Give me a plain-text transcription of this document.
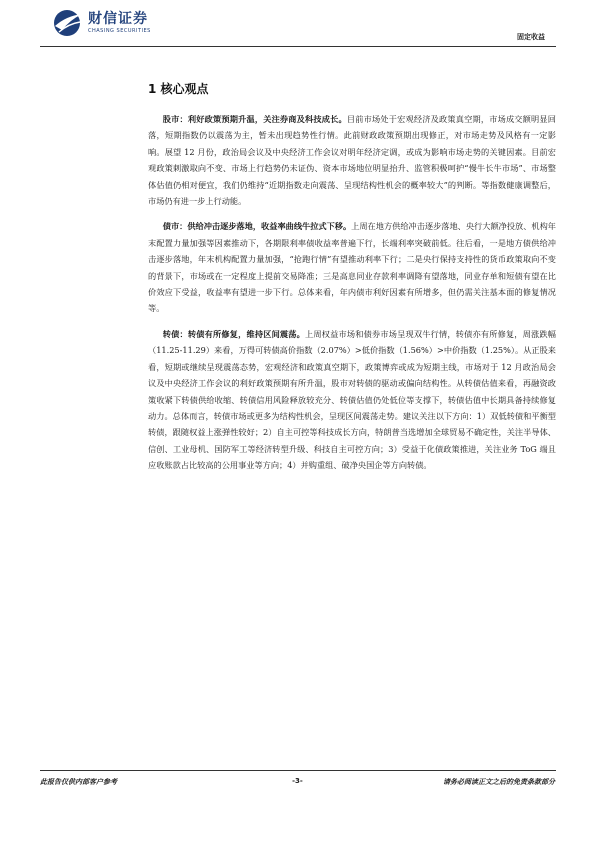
财信证券
CHASING SECURITIES
固定收益
1 核心观点

股市：利好政策预期升温，关注券商及科技成长。目前市场处于宏观经济及政策真空期，市场成交额明显回落，短期指数仍以震荡为主，暂未出现趋势性行情。此前财政政策预期出现修正，对市场走势及风格有一定影响。展望 12 月份，政治局会议及中央经济工作会议对明年经济定调，或成为影响市场走势的关键因素。目前宏观政策刺激取向不变、市场上行趋势仍未证伪、资本市场地位明显抬升、监管积极呵护“慢牛长牛市场”、市场整体估值仍相对便宜，我们仍维持“近期指数走向震荡、呈现结构性机会的概率较大”的判断。等指数健康调整后，市场仍有进一步上行动能。

债市：供给冲击逐步落地，收益率曲线牛拉式下移。上周在地方供给冲击逐步落地、央行大额净投放、机构年末配置力量加强等因素推动下，各期限利率债收益率普遍下行，长端利率突破前低。往后看，一是地方债供给冲击逐步落地，年末机构配置力量加强，“抢跑行情”有望推动利率下行；二是央行保持支持性的货币政策取向不变的背景下，市场或在一定程度上提前交易降准；三是高息同业存款利率调降有望落地，同业存单和短债有望在比价效应下受益，收益率有望进一步下行。总体来看，年内债市利好因素有所增多，但仍需关注基本面的修复情况等。

转债：转债有所修复，维持区间震荡。上周权益市场和债券市场呈现双牛行情，转债亦有所修复，周涨跌幅（11.25-11.29）来看，万得可转债高价指数（2.07%）>低价指数（1.56%）>中价指数（1.25%）。从正股来看，短期或继续呈现震荡态势，宏观经济和政策真空期下，政策博弈或成为短期主线，市场对于 12 月政治局会议及中央经济工作会议的利好政策预期有所升温，股市对转债的驱动或偏向结构性。从转债估值来看，再融资政策收紧下转债供给收缩、转债信用风险释放较充分、转债估值仍处低位等支撑下，转债估值中长期具备持续修复动力。总体而言，转债市场或更多为结构性机会，呈现区间震荡走势。建议关注以下方向：1）双低转债和平衡型转债，跟随权益上涨弹性较好；2）自主可控等科技成长方向，特朗普当选增加全球贸易不确定性，关注半导体、信创、工业母机、国防军工等经济转型升级、科技自主可控方向；3）受益于化债政策推进，关注业务 ToG 端且应收账款占比较高的公用事业等方向；4）并购重组、破净央国企等方向转债。

此报告仅供内部客户参考	-3-	请务必阅读正文之后的免责条款部分
